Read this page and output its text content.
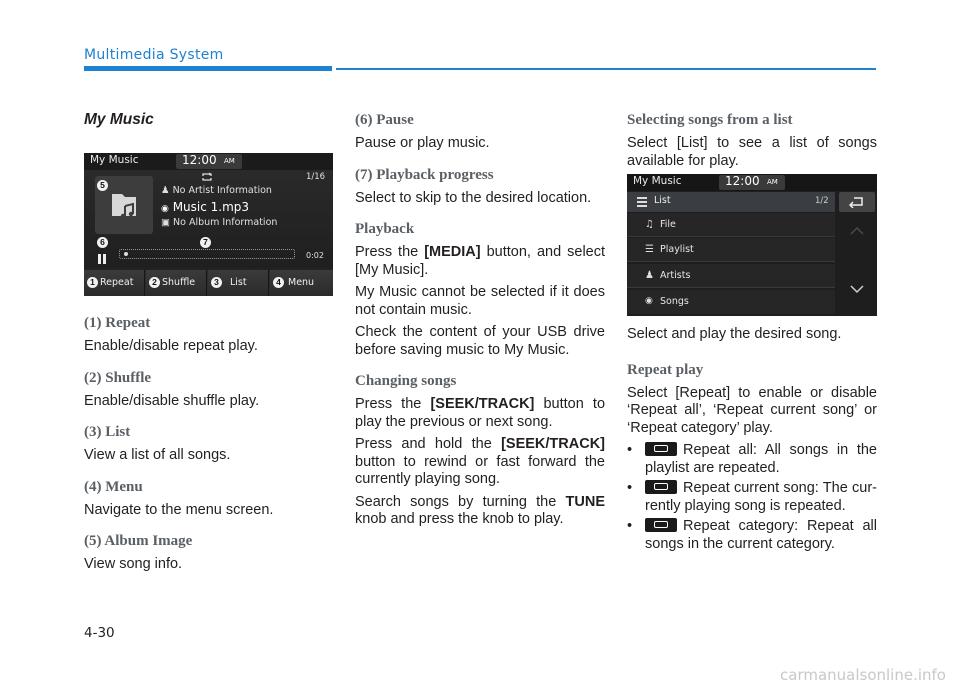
Multimedia System

My Music

My Music	12:00 AM
1/16
5	♟ No Artist Information
◉ Music 1.mp3
▣ No Album Information
6	7
0:02
1 Repeat	2 Shuffle	3	List	4 Menu

(1) Repeat

Enable/disable repeat play.

(2) Shuffle

Enable/disable shuffle play.

(3) List

View a list of all songs.

(4) Menu

Navigate to the menu screen.

(5) Album Image

View song info.

(6) Pause

Pause or play music.

(7) Playback progress

Select to skip to the desired location.

Playback

Press the [MEDIA] button, and select [My Music].

My Music cannot be selected if it does not contain music.

Check the content of your USB drive before saving music to My Music.

Changing songs

Press the [SEEK/TRACK] button to play the previous or next song.

Press and hold the [SEEK/TRACK] button to rewind or fast forward the currently playing song.

Search songs by turning the TUNE knob and press the knob to play.

Selecting songs from a list

Select [List] to see a list of songs available for play.

My Music	12:00 AM
List	1/2
♫ File
☰ Playlist
♟ Artists
◉ Songs

Select and play the desired song.

Repeat play

Select [Repeat] to enable or disable ‘Repeat all’, ‘Repeat current song’ or ‘Repeat category’ play.

•	Repeat all: All songs in the playlist are repeated.
•	Repeat current song: The cur-rently playing song is repeated.
•	Repeat category: Repeat all songs in the current category.
4-30
carmanualsonline.info
